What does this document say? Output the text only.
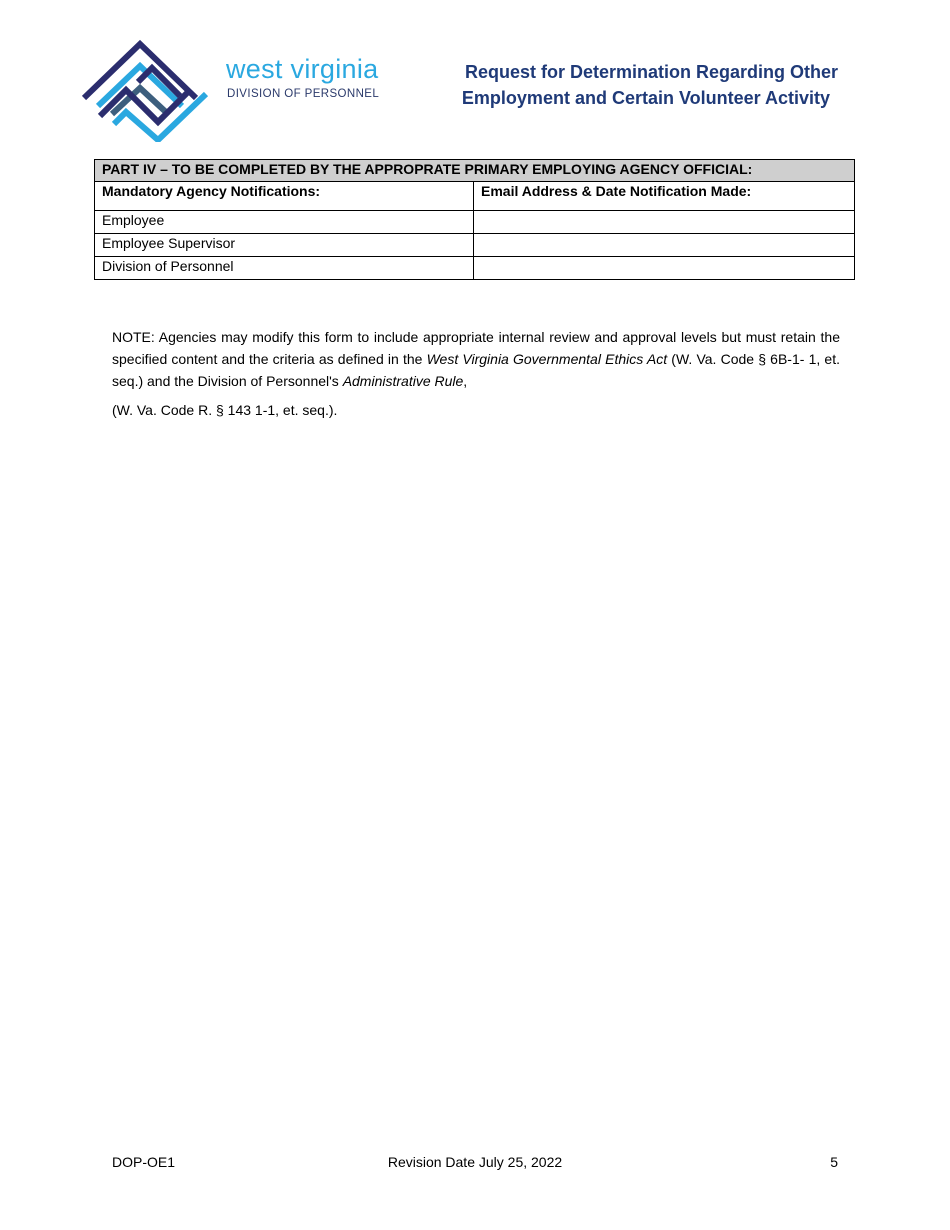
west virginia
DIVISION OF PERSONNEL
Request for Determination Regarding Other

Employment and Certain Volunteer Activity
PART IV – TO BE COMPLETED BY THE APPROPRATE PRIMARY EMPLOYING AGENCY OFFICIAL:	
Mandatory Agency Notifications:	Email Address & Date Notification Made:
Employee	
Employee Supervisor	
Division of Personnel	
NOTE: Agencies may modify this form to include appropriate internal review and approval levels but must retain the specified content and the criteria as defined in the West Virginia Governmental Ethics Act (W. Va. Code § 6B-1- 1, et. seq.) and the Division of Personnel's Administrative Rule,
(W. Va. Code R. § 143 1-1, et. seq.).
DOP-OE1	Revision Date July 25, 2022	5
